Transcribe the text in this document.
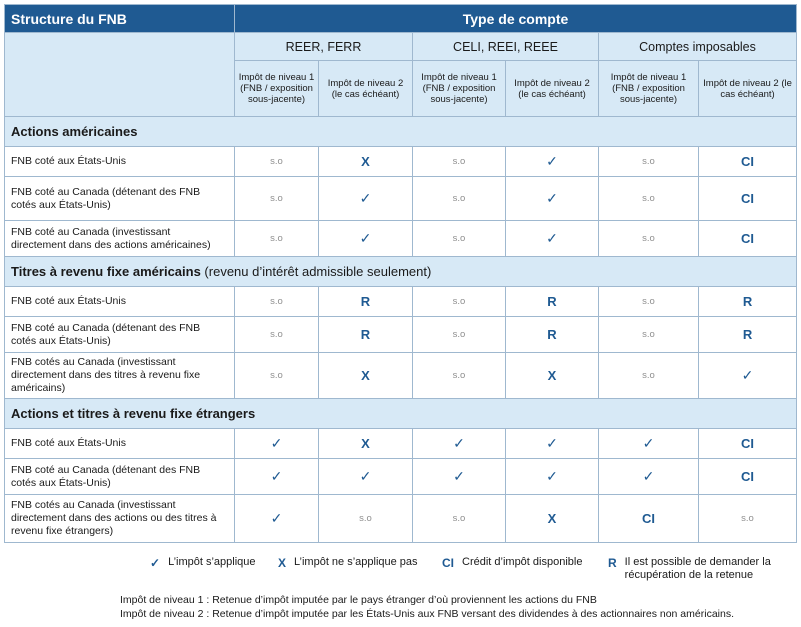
Structure du FNB	Type de compte					
	REER, FERR		CELI, REEI, REEE		Comptes imposables	
	Impôt de niveau 1 (FNB / exposition sous-jacente)	Impôt de niveau 2 (le cas échéant)	Impôt de niveau 1 (FNB / exposition sous-jacente)	Impôt de niveau 2 (le cas échéant)	Impôt de niveau 1 (FNB / exposition sous-jacente)	Impôt de niveau 2 (le cas échéant)
Actions américaines						
FNB coté aux États-Unis	s.o	X	s.o	✓	s.o	CI
FNB coté au Canada (détenant des FNB cotés aux États-Unis)	s.o	✓	s.o	✓	s.o	CI
FNB coté au Canada (investissant directement dans des actions américaines)	s.o	✓	s.o	✓	s.o	CI
Titres à revenu fixe américains (revenu d’intérêt admissible seulement)						
FNB coté aux États-Unis	s.o	R	s.o	R	s.o	R
FNB coté au Canada (détenant des FNB cotés aux États-Unis)	s.o	R	s.o	R	s.o	R
FNB cotés au Canada (investissant directement dans des titres à revenu fixe américains)	s.o	X	s.o	X	s.o	✓
Actions et titres à revenu fixe étrangers						
FNB coté aux États-Unis	✓	X	✓	✓	✓	CI
FNB coté au Canada (détenant des FNB cotés aux États-Unis)	✓	✓	✓	✓	✓	CI
FNB cotés au Canada (investissant directement dans des actions ou des titres à revenu fixe étrangers)	✓	s.o	s.o	X	CI	s.o
✓ L’impôt s’applique X L’impôt ne s’applique pas CI Crédit d’impôt disponible R Il est possible de demander la récupération de la retenue
Impôt de niveau 1 : Retenue d’impôt imputée par le pays étranger d’où proviennent les actions du FNB
Impôt de niveau 2 : Retenue d’impôt imputée par les États-Unis aux FNB versant des dividendes à des actionnaires non américains.
